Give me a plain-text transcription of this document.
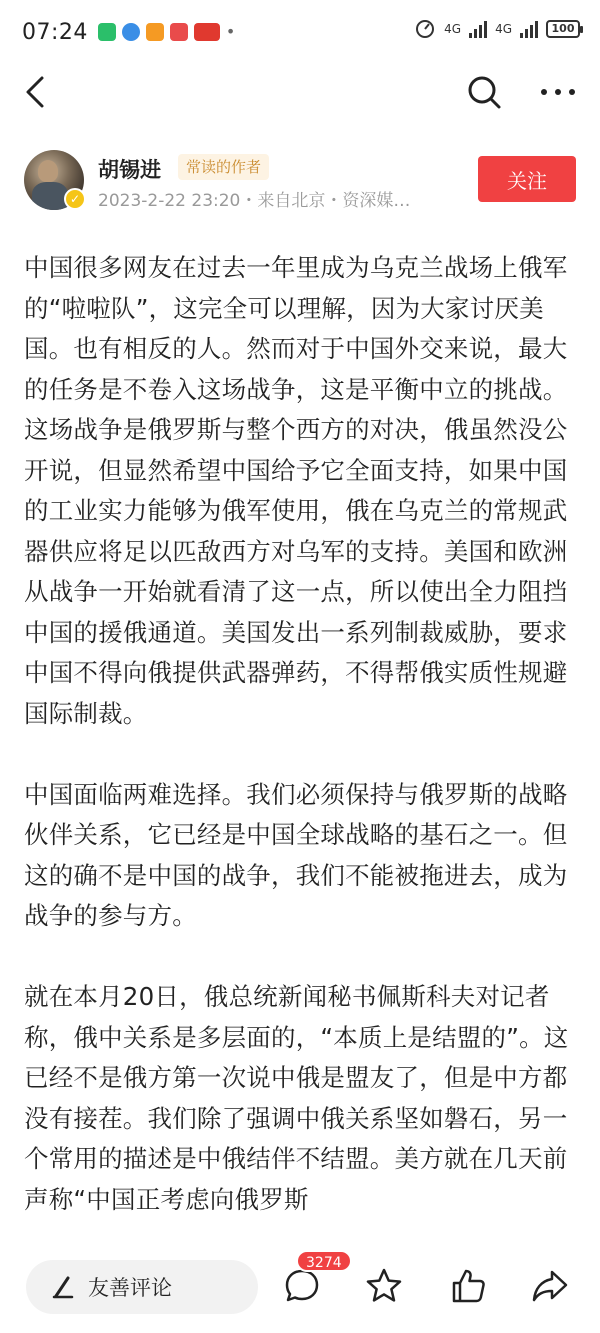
07:24	•	4G	4G	100
✓
胡锡进	常读的作者
2023-2-22 23:20・来自北京・资深媒…
关注

中国很多网友在过去一年里成为乌克兰战场上俄军的“啦啦队”，这完全可以理解，因为大家讨厌美国。也有相反的人。然而对于中国外交来说，最大的任务是不卷入这场战争，这是平衡中立的挑战。

这场战争是俄罗斯与整个西方的对决，俄虽然没公开说，但显然希望中国给予它全面支持，如果中国的工业实力能够为俄军使用，俄在乌克兰的常规武器供应将足以匹敌西方对乌军的支持。美国和欧洲从战争一开始就看清了这一点，所以使出全力阻挡中国的援俄通道。美国发出一系列制裁威胁，要求中国不得向俄提供武器弹药，不得帮俄实质性规避国际制裁。

中国面临两难选择。我们必须保持与俄罗斯的战略伙伴关系，它已经是中国全球战略的基石之一。但这的确不是中国的战争，我们不能被拖进去，成为战争的参与方。

就在本月20日，俄总统新闻秘书佩斯科夫对记者称，俄中关系是多层面的，“本质上是结盟的”。这已经不是俄方第一次说中俄是盟友了，但是中方都没有接茬。我们除了强调中俄关系坚如磐石，另一个常用的描述是中俄结伴不结盟。美方就在几天前声称“中国正考虑向俄罗斯

友善评论
3274
